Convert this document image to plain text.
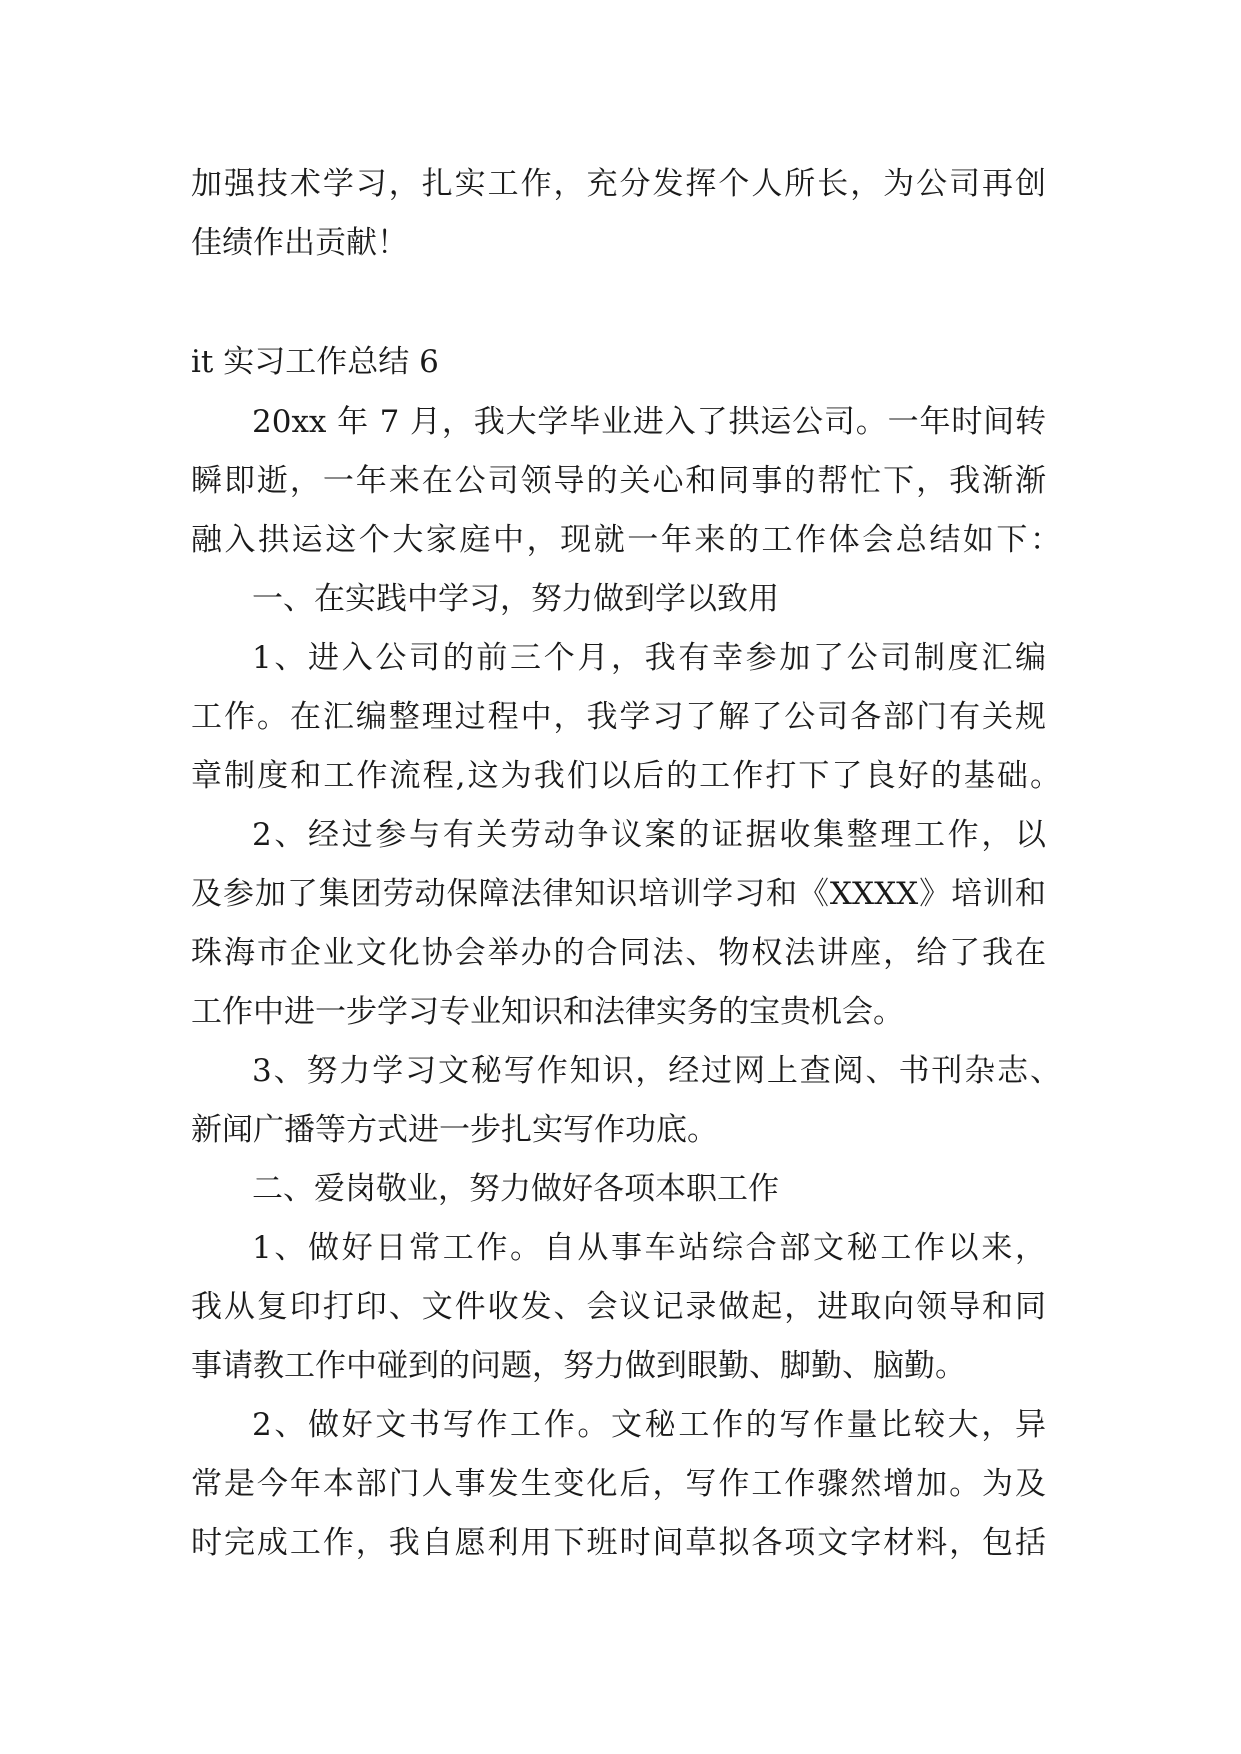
加强技术学习，扎实工作，充分发挥个人所长，为公司再创
佳绩作出贡献！
it 实习工作总结 6
20xx 年 7 月，我大学毕业进入了拱运公司。一年时间转
瞬即逝，一年来在公司领导的关心和同事的帮忙下，我渐渐
融入拱运这个大家庭中，现就一年来的工作体会总结如下：
一、在实践中学习，努力做到学以致用
1、进入公司的前三个月，我有幸参加了公司制度汇编
工作。在汇编整理过程中，我学习了解了公司各部门有关规
章制度和工作流程,这为我们以后的工作打下了良好的基础。
2、经过参与有关劳动争议案的证据收集整理工作，以
及参加了集团劳动保障法律知识培训学习和《XXXX》培训和
珠海市企业文化协会举办的合同法、物权法讲座，给了我在
工作中进一步学习专业知识和法律实务的宝贵机会。
3、努力学习文秘写作知识，经过网上查阅、书刊杂志、
新闻广播等方式进一步扎实写作功底。
二、爱岗敬业，努力做好各项本职工作
1、做好日常工作。自从事车站综合部文秘工作以来，
我从复印打印、文件收发、会议记录做起，进取向领导和同
事请教工作中碰到的问题，努力做到眼勤、脚勤、脑勤。
2、做好文书写作工作。文秘工作的写作量比较大，异
常是今年本部门人事发生变化后，写作工作骤然增加。为及
时完成工作，我自愿利用下班时间草拟各项文字材料，包括
